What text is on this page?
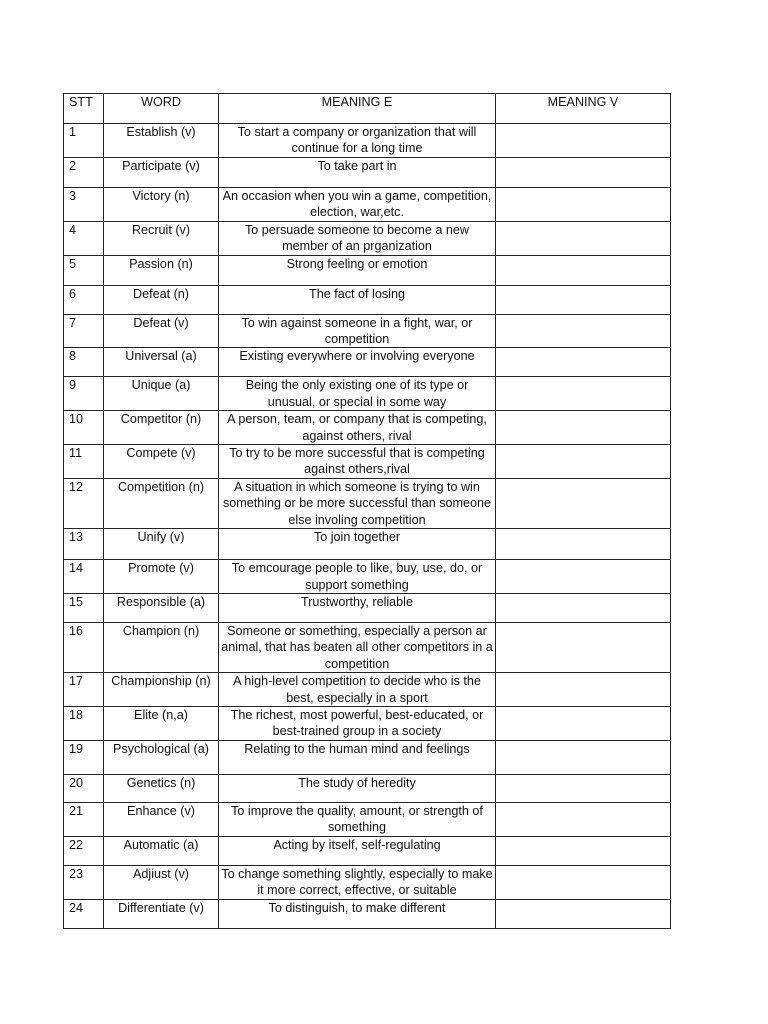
STT	WORD	MEANING E	MEANING V
1	Establish (v)	To start a company or organization that will continue for a long time	
2	Participate (v)	To take part in	
3	Victory (n)	An occasion when you win a game, competition, election, war,etc.	
4	Recruit (v)	To persuade someone to become a new member of an prganization	
5	Passion (n)	Strong feeling or emotion	
6	Defeat (n)	The fact of losing	
7	Defeat (v)	To win against someone in a fight, war, or competition	
8	Universal (a)	Existing everywhere or involving everyone	
9	Unique (a)	Being the only existing one of its type or unusual, or special in some way	
10	Competitor (n)	A person, team, or company that is competing, against others, rival	
11	Compete (v)	To try to be more successful that is competing against others,rival	
12	Competition (n)	A situation in which someone is trying to win something or be more successful than someone else involing competition	
13	Unify (v)	To join together	
14	Promote (v)	To emcourage people to like, buy, use, do, or support something	
15	Responsible (a)	Trustworthy, reliable	
16	Champion (n)	Someone or something, especially a person ar animal, that has beaten all other competitors in a competition	
17	Championship (n)	A high-level competition to decide who is the best, especially in a sport	
18	Elite (n,a)	The richest, most powerful, best-educated, or best-trained group in a society	
19	Psychological (a)	Relating to the human mind and feelings	
20	Genetics (n)	The study of heredity	
21	Enhance (v)	To improve the quality, amount, or strength of something	
22	Automatic (a)	Acting by itself, self-regulating	
23	Adjiust (v)	To change something slightly, especially to make it more correct, effective, or suitable	
24	Differentiate (v)	To distinguish, to make different	
